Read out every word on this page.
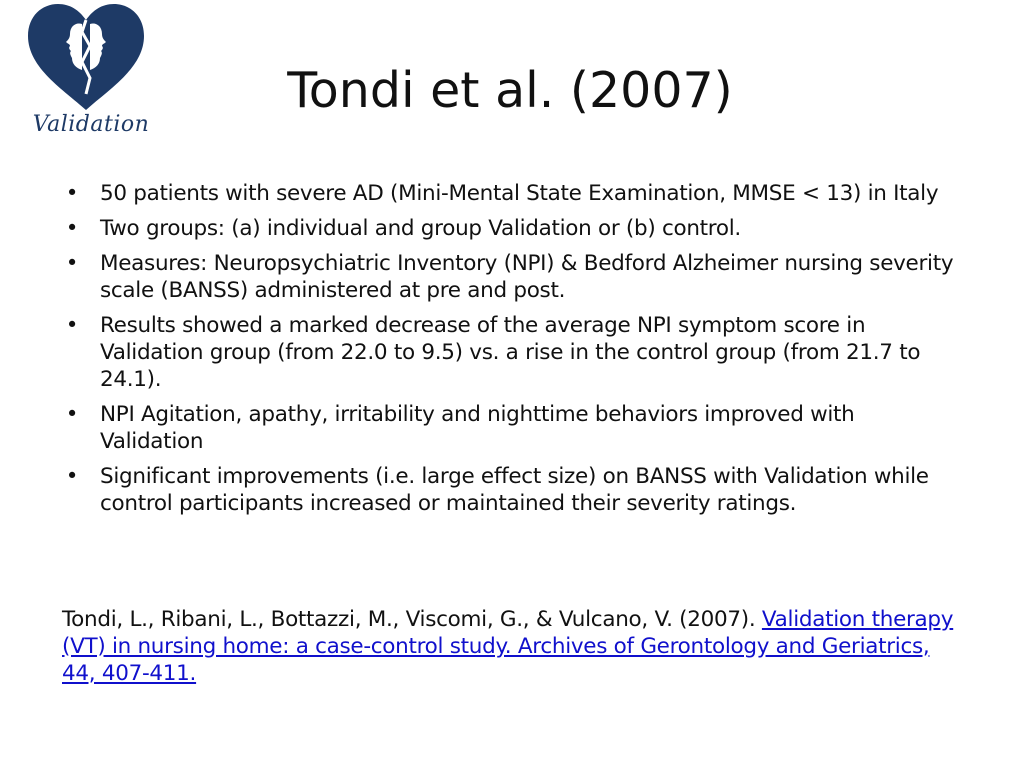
Validation
Tondi et al. (2007)
• 50 patients with severe AD (Mini-Mental State Examination, MMSE < 13) in Italy
• Two groups: (a) individual and group Validation or (b) control.
• Measures: Neuropsychiatric Inventory (NPI) & Bedford Alzheimer nursing severity scale (BANSS) administered at pre and post.
• Results showed a marked decrease of the average NPI symptom score in Validation group (from 22.0 to 9.5) vs. a rise in the control group (from 21.7 to 24.1).
• NPI Agitation, apathy, irritability and nighttime behaviors improved with Validation
• Significant improvements (i.e. large effect size) on BANSS with Validation while control participants increased or maintained their severity ratings.

Tondi, L., Ribani, L., Bottazzi, M., Viscomi, G., & Vulcano, V. (2007). Validation therapy (VT) in nursing home: a case-control study. Archives of Gerontology and Geriatrics, 44, 407-411.
